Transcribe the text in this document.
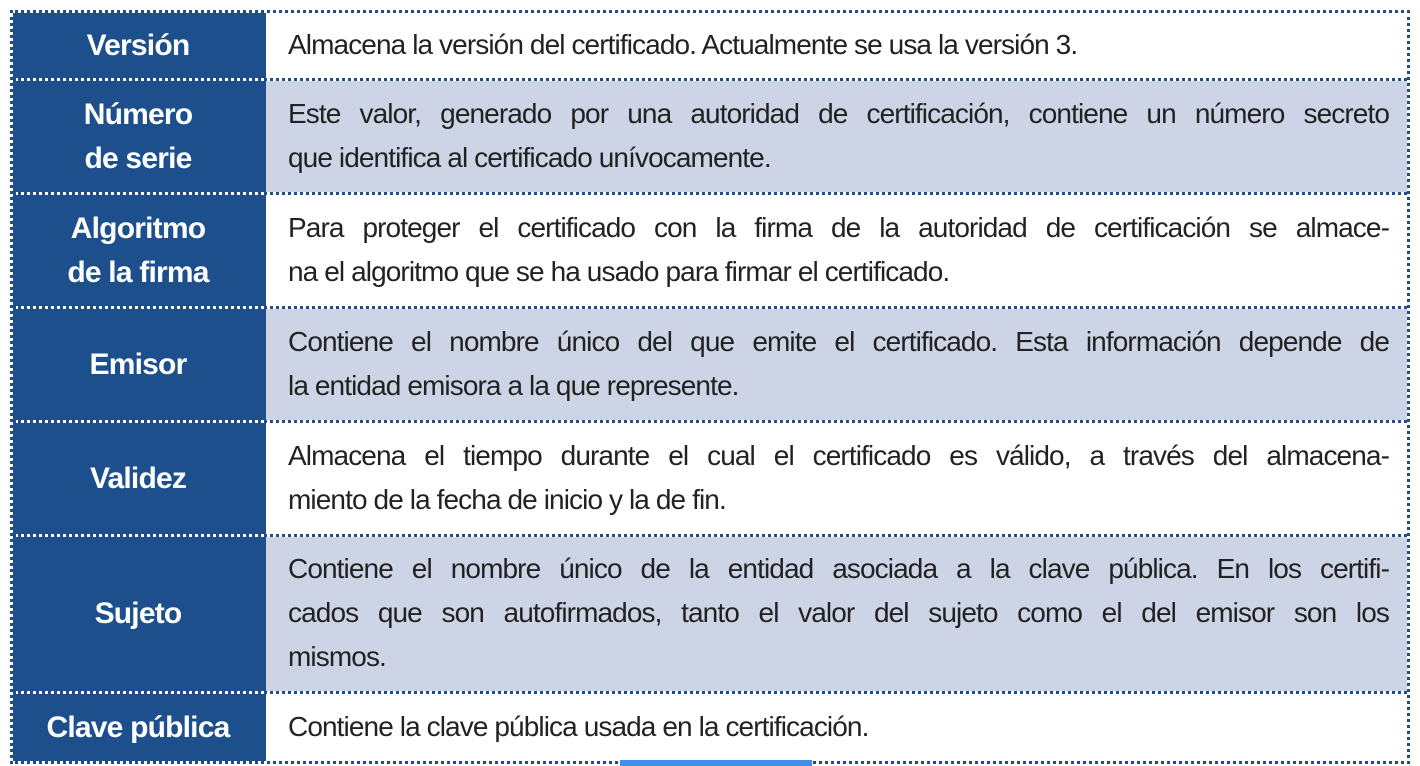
Versión	Almacena la versión del certificado. Actualmente se usa la versión 3.
Número
de serie
Este valor, generado por una autoridad de certificación, contiene un número secreto
que identifica al certificado unívocamente.
Algoritmo
de la firma
Para proteger el certificado con la firma de la autoridad de certificación se almace-
na el algoritmo que se ha usado para firmar el certificado.
Emisor
Contiene el nombre único del que emite el certificado. Esta información depende de
la entidad emisora a la que represente.
Validez
Almacena el tiempo durante el cual el certificado es válido, a través del almacena-
miento de la fecha de inicio y la de fin.
Sujeto
Contiene el nombre único de la entidad asociada a la clave pública. En los certifi-
cados que son autofirmados, tanto el valor del sujeto como el del emisor son los
mismos.
Clave pública Contiene la clave pública usada en la certificación.
